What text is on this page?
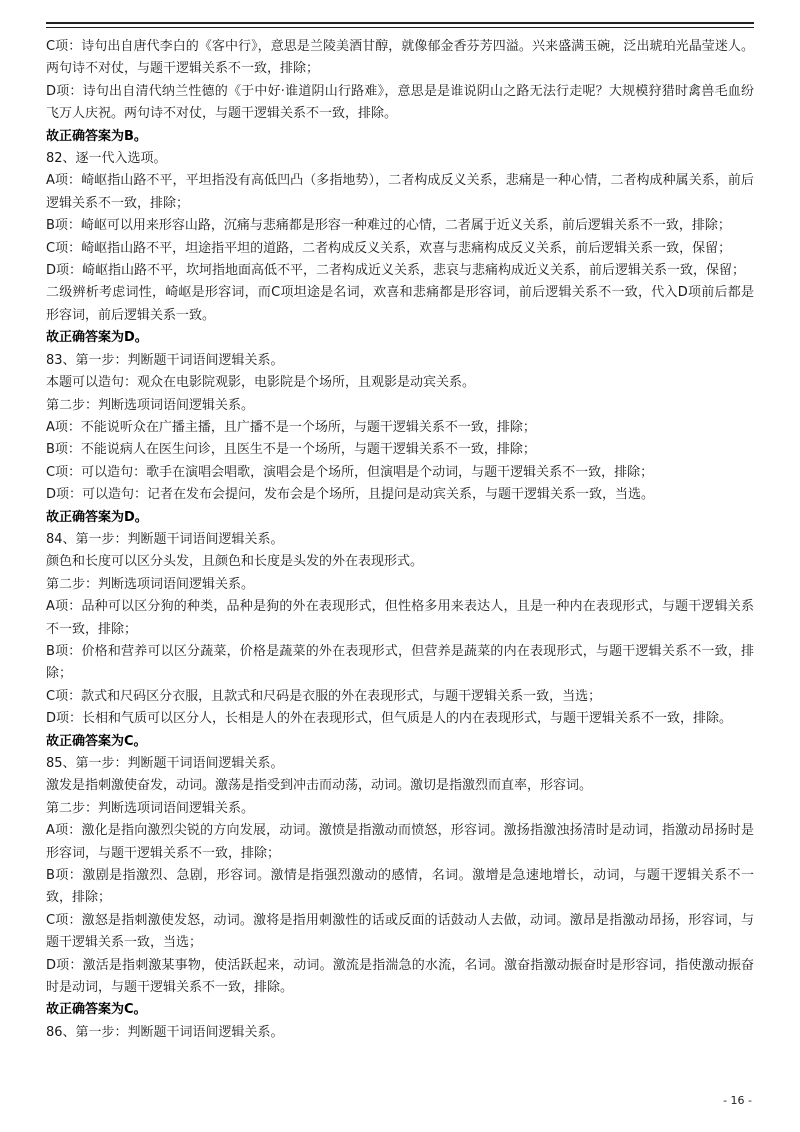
C项：诗句出自唐代李白的《客中行》，意思是兰陵美酒甘醇，就像郁金香芬芳四溢。兴来盛满玉碗，泛出琥珀光晶莹迷人。两句诗不对仗，与题干逻辑关系不一致，排除；

D项：诗句出自清代纳兰性德的《于中好·谁道阴山行路难》，意思是是谁说阴山之路无法行走呢？大规模狩猎时禽兽毛血纷飞万人庆祝。两句诗不对仗，与题干逻辑关系不一致，排除。

故正确答案为B。

82、逐一代入选项。

A项：崎岖指山路不平，平坦指没有高低凹凸（多指地势），二者构成反义关系，悲痛是一种心情，二者构成种属关系，前后逻辑关系不一致，排除；

B项：崎岖可以用来形容山路，沉痛与悲痛都是形容一种难过的心情，二者属于近义关系，前后逻辑关系不一致，排除；

C项：崎岖指山路不平，坦途指平坦的道路，二者构成反义关系，欢喜与悲痛构成反义关系，前后逻辑关系一致，保留；

D项：崎岖指山路不平，坎坷指地面高低不平，二者构成近义关系，悲哀与悲痛构成近义关系，前后逻辑关系一致，保留；

二级辨析考虑词性，崎岖是形容词，而C项坦途是名词，欢喜和悲痛都是形容词，前后逻辑关系不一致，代入D项前后都是形容词，前后逻辑关系一致。

故正确答案为D。

83、第一步：判断题干词语间逻辑关系。

本题可以造句：观众在电影院观影，电影院是个场所，且观影是动宾关系。

第二步：判断选项词语间逻辑关系。

A项：不能说听众在广播主播，且广播不是一个场所，与题干逻辑关系不一致，排除；

B项：不能说病人在医生问诊，且医生不是一个场所，与题干逻辑关系不一致，排除；

C项：可以造句：歌手在演唱会唱歌，演唱会是个场所，但演唱是个动词，与题干逻辑关系不一致，排除；

D项：可以造句：记者在发布会提问，发布会是个场所，且提问是动宾关系，与题干逻辑关系一致，当选。

故正确答案为D。

84、第一步：判断题干词语间逻辑关系。

颜色和长度可以区分头发，且颜色和长度是头发的外在表现形式。

第二步：判断选项词语间逻辑关系。

A项：品种可以区分狗的种类，品种是狗的外在表现形式，但性格多用来表达人，且是一种内在表现形式，与题干逻辑关系不一致，排除；

B项：价格和营养可以区分蔬菜，价格是蔬菜的外在表现形式，但营养是蔬菜的内在表现形式，与题干逻辑关系不一致，排除；

C项：款式和尺码区分衣服，且款式和尺码是衣服的外在表现形式，与题干逻辑关系一致，当选；

D项：长相和气质可以区分人，长相是人的外在表现形式，但气质是人的内在表现形式，与题干逻辑关系不一致，排除。

故正确答案为C。

85、第一步：判断题干词语间逻辑关系。

激发是指刺激使奋发，动词。激荡是指受到冲击而动荡，动词。激切是指激烈而直率，形容词。

第二步：判断选项词语间逻辑关系。

A项：激化是指向激烈尖锐的方向发展，动词。激愤是指激动而愤怒，形容词。激扬指激浊扬清时是动词，指激动昂扬时是形容词，与题干逻辑关系不一致，排除；

B项：激剧是指激烈、急剧，形容词。激情是指强烈激动的感情，名词。激增是急速地增长，动词，与题干逻辑关系不一致，排除；

C项：激怒是指刺激使发怒，动词。激将是指用刺激性的话或反面的话鼓动人去做，动词。激昂是指激动昂扬，形容词，与题干逻辑关系一致，当选；

D项：激活是指刺激某事物，使活跃起来，动词。激流是指湍急的水流，名词。激奋指激动振奋时是形容词，指使激动振奋时是动词，与题干逻辑关系不一致，排除。

故正确答案为C。

86、第一步：判断题干词语间逻辑关系。

- 16 -
